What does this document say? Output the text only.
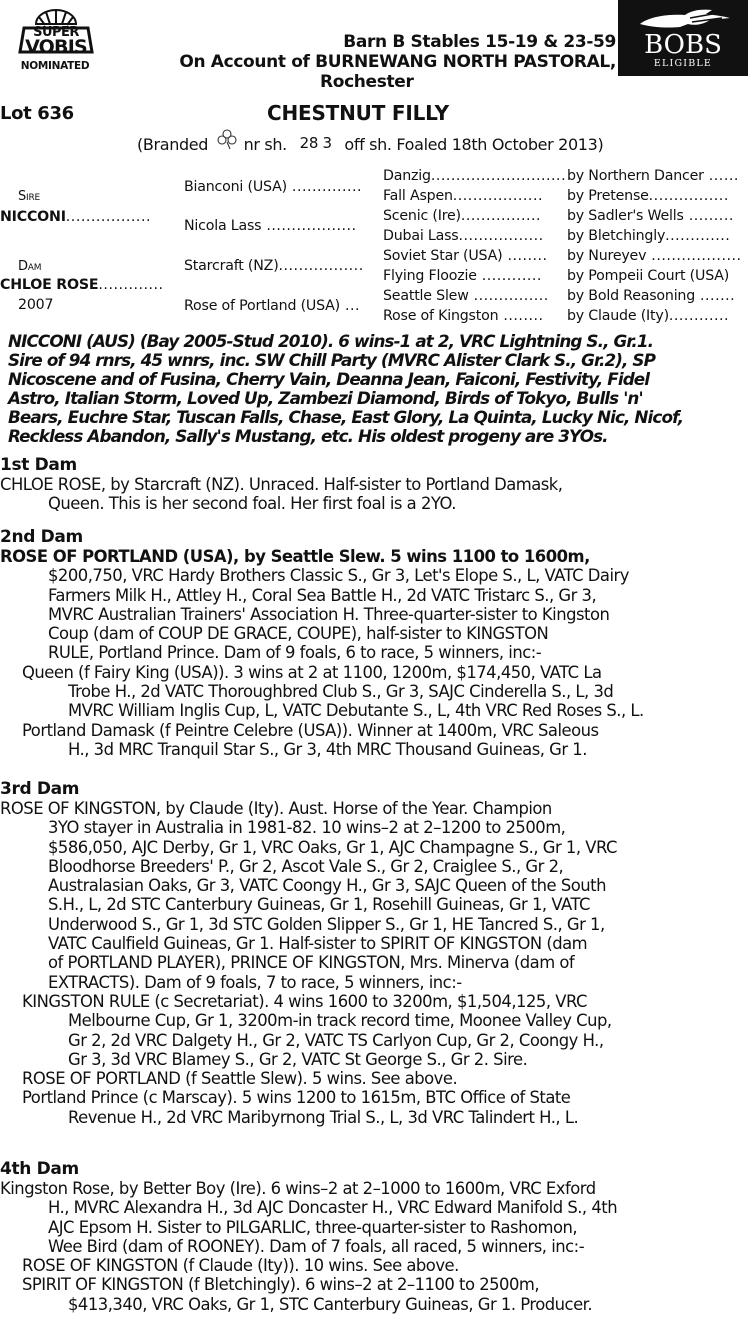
SUPER
VOBIS
NOMINATED
BOBS
ELIGIBLE
Barn B Stables 15-19 & 23-59
On Account of BURNEWANG NORTH PASTORAL,
Rochester
Lot 636	CHESTNUT FILLY
(Branded nr sh. 28 3 off sh. Foaled 18th October 2013)
Sire
NICCONI.................
Dam
CHLOE ROSE.............
2007
Bianconi (USA) ..............
Nicola Lass ..................
Starcraft (NZ).................
Rose of Portland (USA) ...
Danzig........................... by Northern Dancer ......
Fall Aspen.................. by Pretense................
Scenic (Ire)................ by Sadler's Wells .........
Dubai Lass................. by Bletchingly.............
Soviet Star (USA) ........ by Nureyev ..................
Flying Floozie ............ by Pompeii Court (USA)
Seattle Slew ............... by Bold Reasoning .......
Rose of Kingston ........ by Claude (Ity)............
NICCONI (AUS) (Bay 2005-Stud 2010). 6 wins-1 at 2, VRC Lightning S., Gr.1.
Sire of 94 rnrs, 45 wnrs, inc. SW Chill Party (MVRC Alister Clark S., Gr.2), SP
Nicoscene and of Fusina, Cherry Vain, Deanna Jean, Faiconi, Festivity, Fidel
Astro, Italian Storm, Loved Up, Zambezi Diamond, Birds of Tokyo, Bulls 'n'
Bears, Euchre Star, Tuscan Falls, Chase, East Glory, La Quinta, Lucky Nic, Nicof,
Reckless Abandon, Sally's Mustang, etc. His oldest progeny are 3YOs.
1st Dam
CHLOE ROSE, by Starcraft (NZ). Unraced. Half-sister to Portland Damask,
Queen. This is her second foal. Her first foal is a 2YO.
2nd Dam
ROSE OF PORTLAND (USA), by Seattle Slew. 5 wins 1100 to 1600m,
$200,750, VRC Hardy Brothers Classic S., Gr 3, Let's Elope S., L, VATC Dairy
Farmers Milk H., Attley H., Coral Sea Battle H., 2d VATC Tristarc S., Gr 3,
MVRC Australian Trainers' Association H. Three-quarter-sister to Kingston
Coup (dam of COUP DE GRACE, COUPE), half-sister to KINGSTON
RULE, Portland Prince. Dam of 9 foals, 6 to race, 5 winners, inc:-
Queen (f Fairy King (USA)). 3 wins at 2 at 1100, 1200m, $174,450, VATC La
Trobe H., 2d VATC Thoroughbred Club S., Gr 3, SAJC Cinderella S., L, 3d
MVRC William Inglis Cup, L, VATC Debutante S., L, 4th VRC Red Roses S., L.
Portland Damask (f Peintre Celebre (USA)). Winner at 1400m, VRC Saleous
H., 3d MRC Tranquil Star S., Gr 3, 4th MRC Thousand Guineas, Gr 1.
3rd Dam
ROSE OF KINGSTON, by Claude (Ity). Aust. Horse of the Year. Champion
3YO stayer in Australia in 1981-82. 10 wins–2 at 2–1200 to 2500m,
$586,050, AJC Derby, Gr 1, VRC Oaks, Gr 1, AJC Champagne S., Gr 1, VRC
Bloodhorse Breeders' P., Gr 2, Ascot Vale S., Gr 2, Craiglee S., Gr 2,
Australasian Oaks, Gr 3, VATC Coongy H., Gr 3, SAJC Queen of the South
S.H., L, 2d STC Canterbury Guineas, Gr 1, Rosehill Guineas, Gr 1, VATC
Underwood S., Gr 1, 3d STC Golden Slipper S., Gr 1, HE Tancred S., Gr 1,
VATC Caulfield Guineas, Gr 1. Half-sister to SPIRIT OF KINGSTON (dam
of PORTLAND PLAYER), PRINCE OF KINGSTON, Mrs. Minerva (dam of
EXTRACTS). Dam of 9 foals, 7 to race, 5 winners, inc:-
KINGSTON RULE (c Secretariat). 4 wins 1600 to 3200m, $1,504,125, VRC
Melbourne Cup, Gr 1, 3200m-in track record time, Moonee Valley Cup,
Gr 2, 2d VRC Dalgety H., Gr 2, VATC TS Carlyon Cup, Gr 2, Coongy H.,
Gr 3, 3d VRC Blamey S., Gr 2, VATC St George S., Gr 2. Sire.
ROSE OF PORTLAND (f Seattle Slew). 5 wins. See above.
Portland Prince (c Marscay). 5 wins 1200 to 1615m, BTC Office of State
Revenue H., 2d VRC Maribyrnong Trial S., L, 3d VRC Talindert H., L.
4th Dam
Kingston Rose, by Better Boy (Ire). 6 wins–2 at 2–1000 to 1600m, VRC Exford
H., MVRC Alexandra H., 3d AJC Doncaster H., VRC Edward Manifold S., 4th
AJC Epsom H. Sister to PILGARLIC, three-quarter-sister to Rashomon,
Wee Bird (dam of ROONEY). Dam of 7 foals, all raced, 5 winners, inc:-
ROSE OF KINGSTON (f Claude (Ity)). 10 wins. See above.
SPIRIT OF KINGSTON (f Bletchingly). 6 wins–2 at 2–1100 to 2500m,
$413,340, VRC Oaks, Gr 1, STC Canterbury Guineas, Gr 1. Producer.
